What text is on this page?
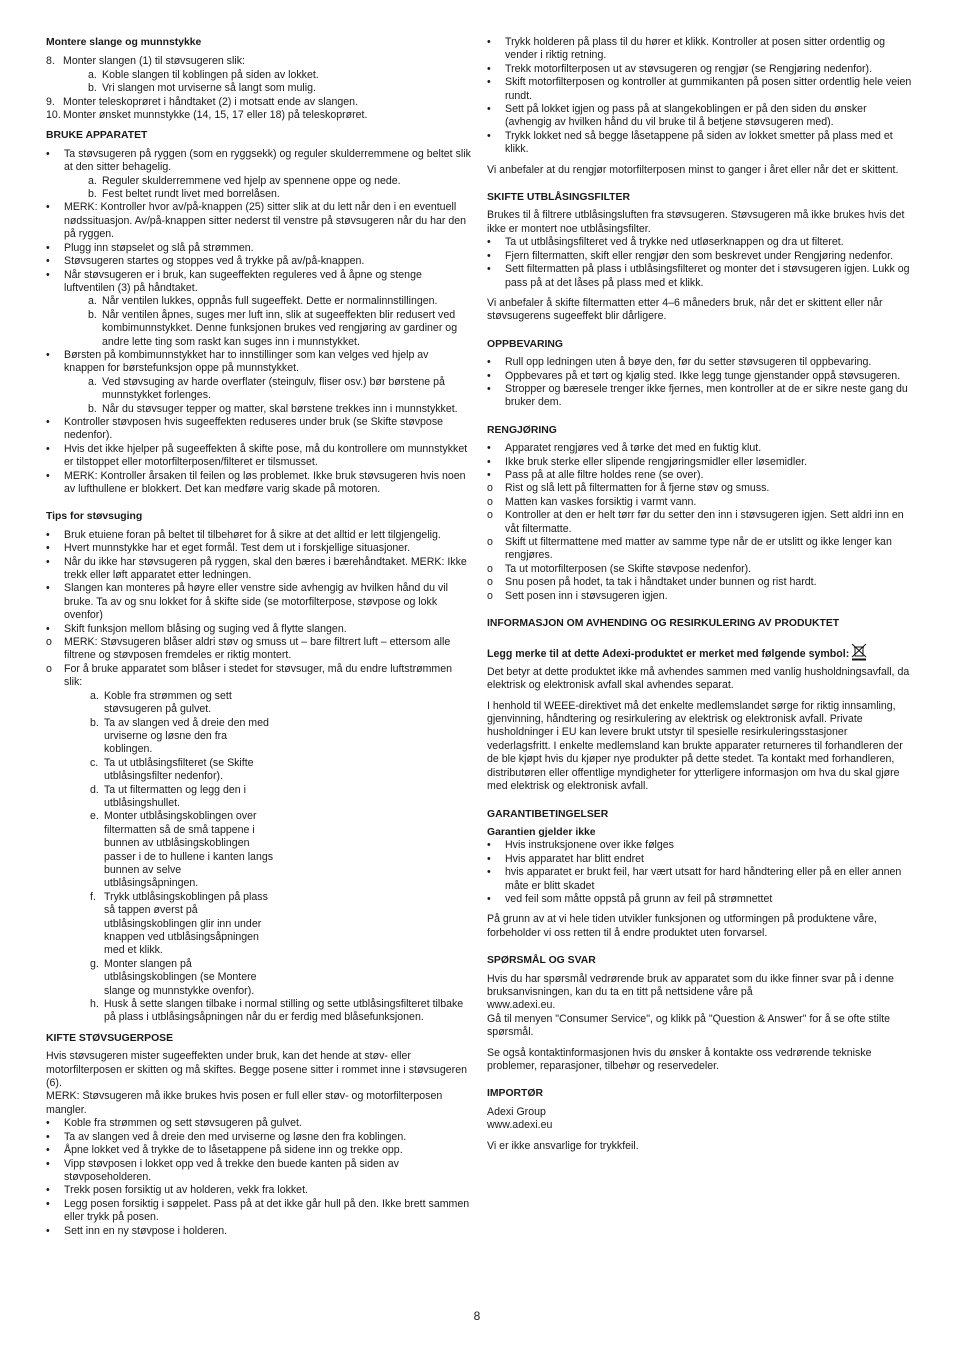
Montere slange og munnstykke

8. Monter slangen (1) til støvsugeren slik:
a. Koble slangen til koblingen på siden av lokket.
b. Vri slangen mot urviserne så langt som mulig.
9. Monter teleskoprøret i håndtaket (2) i motsatt ende av slangen.
10. Monter ønsket munnstykke (14, 15, 17 eller 18) på teleskoprøret.

BRUKE APPARATET

• Ta støvsugeren på ryggen (som en ryggsekk) og reguler skulderremmene og beltet slik at den sitter behagelig.
a. Reguler skulderremmene ved hjelp av spennene oppe og nede.
b. Fest beltet rundt livet med borrelåsen.
• MERK: Kontroller hvor av/på-knappen (25) sitter slik at du lett når den i en eventuell nødssituasjon. Av/på-knappen sitter nederst til venstre på støvsugeren når du har den på ryggen.
• Plugg inn støpselet og slå på strømmen.
• Støvsugeren startes og stoppes ved å trykke på av/på-knappen.
• Når støvsugeren er i bruk, kan sugeeffekten reguleres ved å åpne og stenge luftventilen (3) på håndtaket.
a. Når ventilen lukkes, oppnås full sugeeffekt. Dette er normalinnstillingen.
b. Når ventilen åpnes, suges mer luft inn, slik at sugeeffekten blir redusert ved kombimunnstykket. Denne funksjonen brukes ved rengjøring av gardiner og andre lette ting som raskt kan suges inn i munnstykket.
• Børsten på kombimunnstykket har to innstillinger som kan velges ved hjelp av knappen for børstefunksjon oppe på munnstykket.
a. Ved støvsuging av harde overflater (steingulv, fliser osv.) bør børstene på munnstykket forlenges.
b. Når du støvsuger tepper og matter, skal børstene trekkes inn i munnstykket.
• Kontroller støvposen hvis sugeeffekten reduseres under bruk (se Skifte støvpose nedenfor).
• Hvis det ikke hjelper på sugeeffekten å skifte pose, må du kontrollere om munnstykket er tilstoppet eller motorfilterposen/filteret er tilsmusset.
• MERK: Kontroller årsaken til feilen og løs problemet. Ikke bruk støvsugeren hvis noen av lufthullene er blokkert. Det kan medføre varig skade på motoren.

Tips for støvsuging

• Bruk etuiene foran på beltet til tilbehøret for å sikre at det alltid er lett tilgjengelig.
• Hvert munnstykke har et eget formål. Test dem ut i forskjellige situasjoner.
• Når du ikke har støvsugeren på ryggen, skal den bæres i bærehåndtaket. MERK: Ikke trekk eller løft apparatet etter ledningen.
• Slangen kan monteres på høyre eller venstre side avhengig av hvilken hånd du vil bruke. Ta av og snu lokket for å skifte side (se motorfilterpose, støvpose og lokk ovenfor)
• Skift funksjon mellom blåsing og suging ved å flytte slangen.
o MERK: Støvsugeren blåser aldri støv og smuss ut – bare filtrert luft – ettersom alle filtrene og støvposen fremdeles er riktig montert.
o For å bruke apparatet som blåser i stedet for støvsuger, må du endre luftstrømmen slik:
a. Koble fra strømmen og sett støvsugeren på gulvet.
b. Ta av slangen ved å dreie den med urviserne og løsne den fra koblingen.
c. Ta ut utblåsingsfilteret (se Skifte utblåsingsfilter nedenfor).
d. Ta ut filtermatten og legg den i utblåsingshullet.
e. Monter utblåsingskoblingen over filtermatten så de små tappene i bunnen av utblåsingskoblingen passer i de to hullene i kanten langs bunnen av selve utblåsingsåpningen.
f. Trykk utblåsingskoblingen på plass så tappen øverst på utblåsingskoblingen glir inn under knappen ved utblåsingsåpningen med et klikk.
g. Monter slangen på utblåsingskoblingen (se Montere slange og munnstykke ovenfor).
h. Husk å sette slangen tilbake i normal stilling og sette utblåsingsfilteret tilbake på plass i utblåsingsåpningen når du er ferdig med blåsefunksjonen.

KIFTE STØVSUGERPOSE

Hvis støvsugeren mister sugeeffekten under bruk, kan det hende at støv- eller motorfilterposen er skitten og må skiftes. Begge posene sitter i rommet inne i støvsugeren (6).

MERK: Støvsugeren må ikke brukes hvis posen er full eller støv- og motorfilterposen mangler.

• Koble fra strømmen og sett støvsugeren på gulvet.
• Ta av slangen ved å dreie den med urviserne og løsne den fra koblingen.
• Åpne lokket ved å trykke de to låsetappene på sidene inn og trekke opp.
• Vipp støvposen i lokket opp ved å trekke den buede kanten på siden av støvposeholderen.
• Trekk posen forsiktig ut av holderen, vekk fra lokket.
• Legg posen forsiktig i søppelet. Pass på at det ikke går hull på den. Ikke brett sammen eller trykk på posen.
• Sett inn en ny støvpose i holderen.
• Trykk holderen på plass til du hører et klikk. Kontroller at posen sitter ordentlig og vender i riktig retning.
• Trekk motorfilterposen ut av støvsugeren og rengjør (se Rengjøring nedenfor).
• Skift motorfilterposen og kontroller at gummikanten på posen sitter ordentlig hele veien rundt.
• Sett på lokket igjen og pass på at slangekoblingen er på den siden du ønsker (avhengig av hvilken hånd du vil bruke til å betjene støvsugeren med).
• Trykk lokket ned så begge låsetappene på siden av lokket smetter på plass med et klikk.

Vi anbefaler at du rengjør motorfilterposen minst to ganger i året eller når det er skittent.

SKIFTE UTBLÅSINGSFILTER

Brukes til å filtrere utblåsingsluften fra støvsugeren. Støvsugeren må ikke brukes hvis det ikke er montert noe utblåsingsfilter.

• Ta ut utblåsingsfilteret ved å trykke ned utløserknappen og dra ut filteret.
• Fjern filtermatten, skift eller rengjør den som beskrevet under Rengjøring nedenfor.
• Sett filtermatten på plass i utblåsingsfilteret og monter det i støvsugeren igjen. Lukk og pass på at det låses på plass med et klikk.

Vi anbefaler å skifte filtermatten etter 4–6 måneders bruk, når det er skittent eller når støvsugerens sugeeffekt blir dårligere.

OPPBEVARING

• Rull opp ledningen uten å bøye den, før du setter støvsugeren til oppbevaring.
• Oppbevares på et tørt og kjølig sted. Ikke legg tunge gjenstander oppå støvsugeren.
• Stropper og bæresele trenger ikke fjernes, men kontroller at de er sikre neste gang du bruker dem.

RENGJØRING

• Apparatet rengjøres ved å tørke det med en fuktig klut.
• Ikke bruk sterke eller slipende rengjøringsmidler eller løsemidler.
• Pass på at alle filtre holdes rene (se over).
o Rist og slå lett på filtermatten for å fjerne støv og smuss.
o Matten kan vaskes forsiktig i varmt vann.
o Kontroller at den er helt tørr før du setter den inn i støvsugeren igjen. Sett aldri inn en våt filtermatte.
o Skift ut filtermattene med matter av samme type når de er utslitt og ikke lenger kan rengjøres.
o Ta ut motorfilterposen (se Skifte støvpose nedenfor).
o Snu posen på hodet, ta tak i håndtaket under bunnen og rist hardt.
o Sett posen inn i støvsugeren igjen.

INFORMASJON OM AVHENDING OG RESIRKULERING AV PRODUKTET

Legg merke til at dette Adexi-produktet er merket med følgende symbol:

Det betyr at dette produktet ikke må avhendes sammen med vanlig husholdningsavfall, da elektrisk og elektronisk avfall skal avhendes separat.

I henhold til WEEE-direktivet må det enkelte medlemslandet sørge for riktig innsamling, gjenvinning, håndtering og resirkulering av elektrisk og elektronisk avfall. Private husholdninger i EU kan levere brukt utstyr til spesielle resirkuleringsstasjoner vederlagsfritt. I enkelte medlemsland kan brukte apparater returneres til forhandleren der de ble kjøpt hvis du kjøper nye produkter på dette stedet. Ta kontakt med forhandleren, distributøren eller offentlige myndigheter for ytterligere informasjon om hva du skal gjøre med elektrisk og elektronisk avfall.

GARANTIBETINGELSER

Garantien gjelder ikke

• Hvis instruksjonene over ikke følges
• Hvis apparatet har blitt endret
• hvis apparatet er brukt feil, har vært utsatt for hard håndtering eller på en eller annen måte er blitt skadet
• ved feil som måtte oppstå på grunn av feil på strømnettet

På grunn av at vi hele tiden utvikler funksjonen og utformingen på produktene våre, forbeholder vi oss retten til å endre produktet uten forvarsel.

SPØRSMÅL OG SVAR

Hvis du har spørsmål vedrørende bruk av apparatet som du ikke finner svar på i denne bruksanvisningen, kan du ta en titt på nettsidene våre på

www.adexi.eu.

Gå til menyen "Consumer Service", og klikk på "Question & Answer" for å se ofte stilte spørsmål.

Se også kontaktinformasjonen hvis du ønsker å kontakte oss vedrørende tekniske problemer, reparasjoner, tilbehør og reservedeler.

IMPORTØR

Adexi Group

www.adexi.eu

Vi er ikke ansvarlige for trykkfeil.

8
